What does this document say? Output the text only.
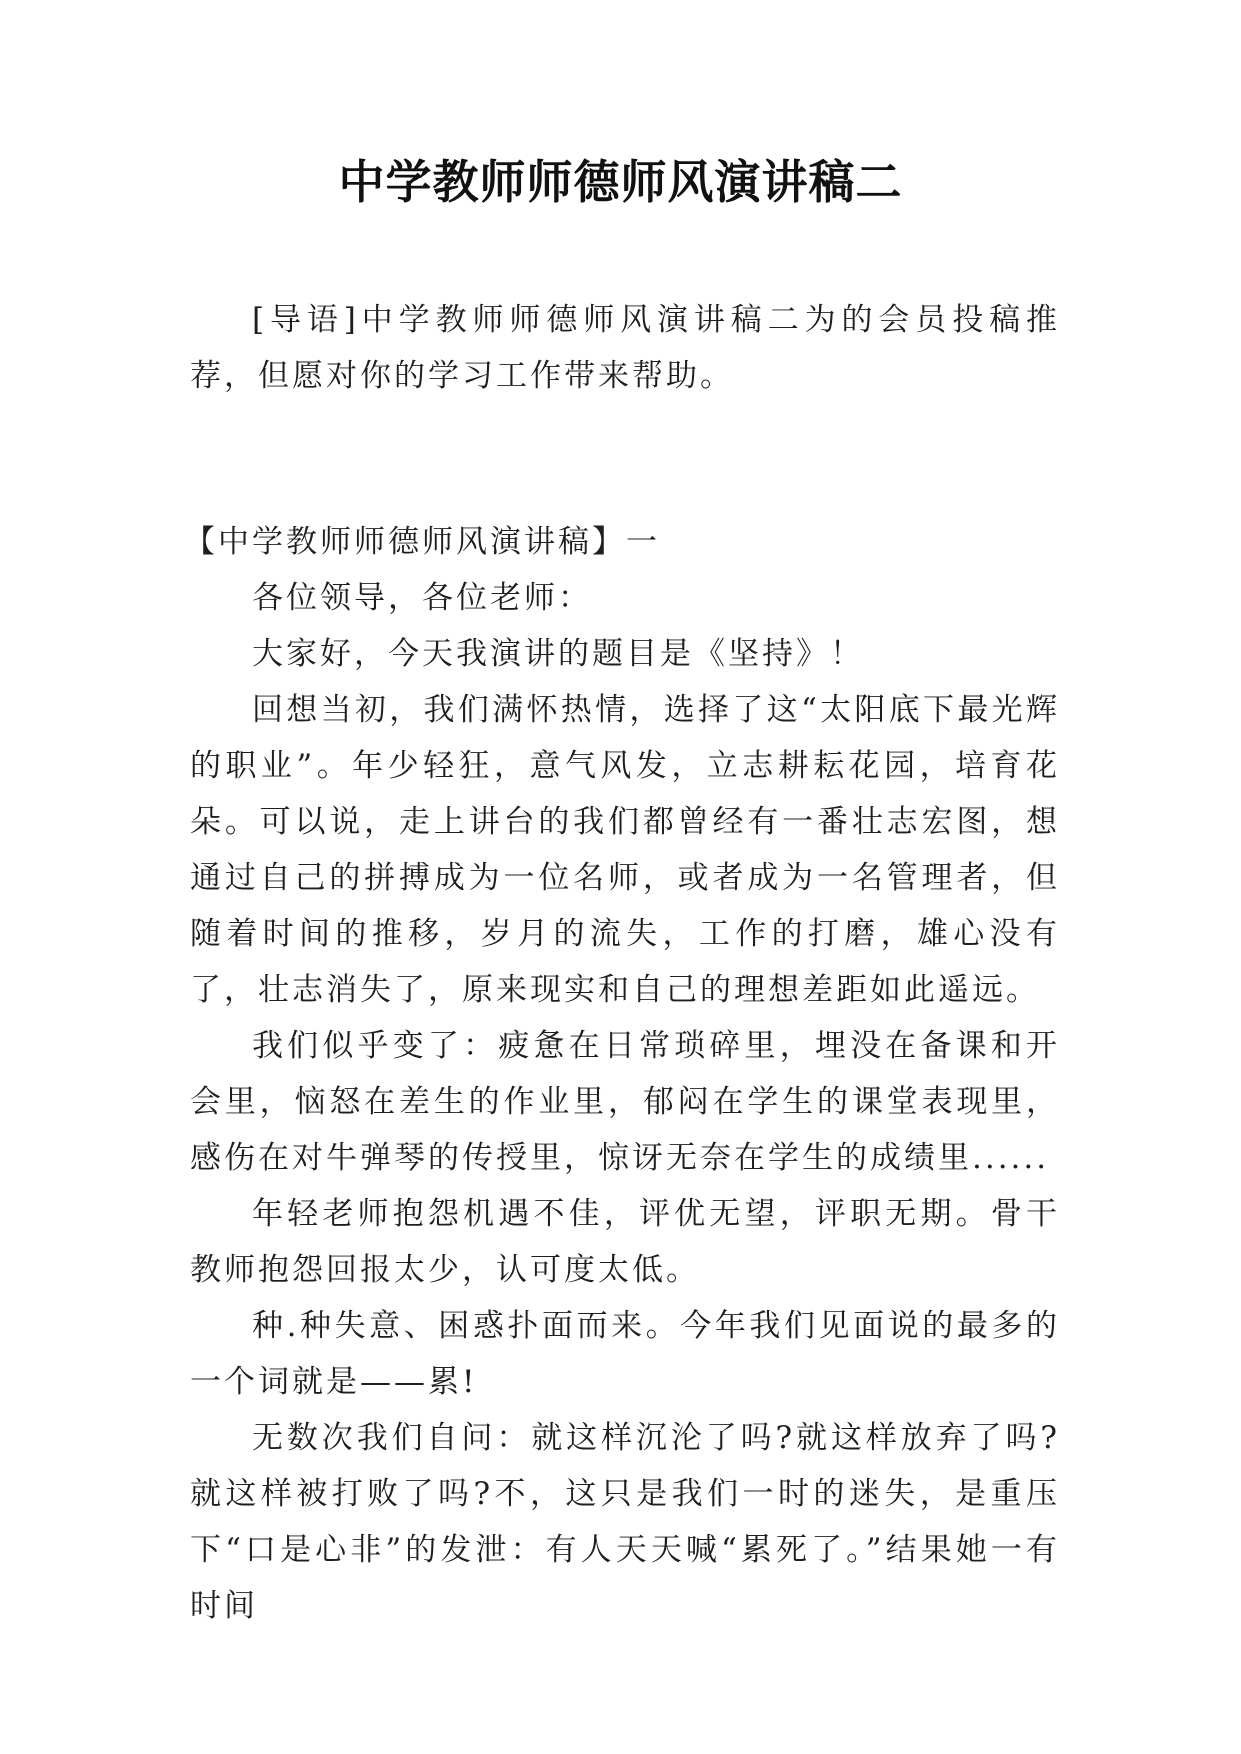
中学教师师德师风演讲稿二

[导语]中学教师师德师风演讲稿二为的会员投稿推荐，但愿对你的学习工作带来帮助。

【中学教师师德师风演讲稿】一

各位领导，各位老师：

大家好，今天我演讲的题目是《坚持》！

回想当初，我们满怀热情，选择了这“太阳底下最光辉的职业”。年少轻狂，意气风发，立志耕耘花园，培育花朵。可以说，走上讲台的我们都曾经有一番壮志宏图，想通过自己的拼搏成为一位名师，或者成为一名管理者，但随着时间的推移，岁月的流失，工作的打磨，雄心没有了，壮志消失了，原来现实和自己的理想差距如此遥远。

我们似乎变了：疲惫在日常琐碎里，埋没在备课和开会里，恼怒在差生的作业里，郁闷在学生的课堂表现里，感伤在对牛弹琴的传授里，惊讶无奈在学生的成绩里......

年轻老师抱怨机遇不佳，评优无望，评职无期。骨干教师抱怨回报太少，认可度太低。

种.种失意、困惑扑面而来。今年我们见面说的最多的一个词就是——累!

无数次我们自问：就这样沉沦了吗?就这样放弃了吗?就这样被打败了吗?不，这只是我们一时的迷失，是重压下“口是心非”的发泄：有人天天喊“累死了。”结果她一有时间
